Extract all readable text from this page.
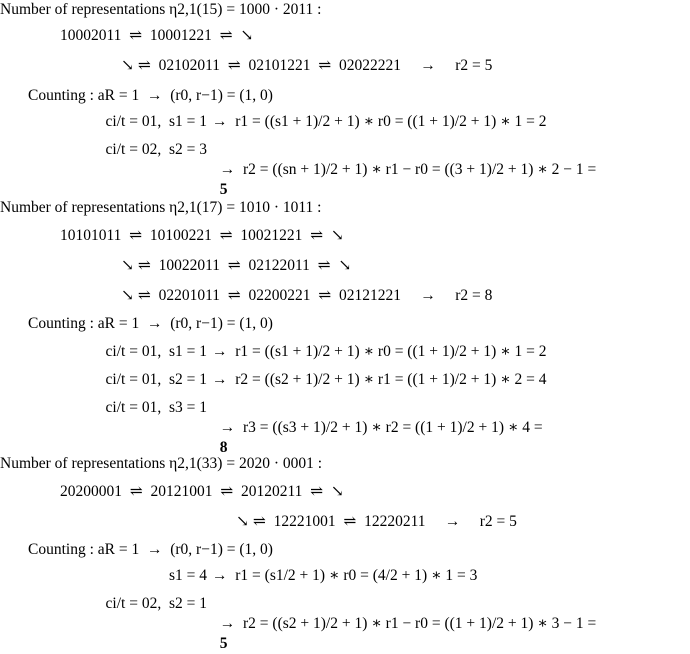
Number of representations η2,1(15) = 1000 · 2011 :
10002011  ⇌  10001221  ⇌  ↘
↘ ⇌  02102011  ⇌  02101221  ⇌  02022221     →     r2 = 5
Counting : aR = 1  →  (r0, r−1) = (1, 0)
ci/t = 01,  s1 = 1 →  r1 = ((s1 + 1)/2 + 1) ∗ r0 = ((1 + 1)/2 + 1) ∗ 1 = 2
ci/t = 02,  s2 = 3

→  r2 = ((sn + 1)/2 + 1) ∗ r1 − r0 = ((3 + 1)/2 + 1) ∗ 2 − 1 =
5

Number of representations η2,1(17) = 1010 · 1011 :
10101011  ⇌  10100221  ⇌  10021221  ⇌  ↘
↘ ⇌  10022011  ⇌  02122011  ⇌  ↘
↘ ⇌  02201011  ⇌  02200221  ⇌  02121221     →     r2 = 8
Counting : aR = 1  →  (r0, r−1) = (1, 0)
ci/t = 01,  s1 = 1 →  r1 = ((s1 + 1)/2 + 1) ∗ r0 = ((1 + 1)/2 + 1) ∗ 1 = 2
ci/t = 01,  s2 = 1 →  r2 = ((s2 + 1)/2 + 1) ∗ r1 = ((1 + 1)/2 + 1) ∗ 2 = 4
ci/t = 01,  s3 = 1

→  r3 = ((s3 + 1)/2 + 1) ∗ r2 = ((1 + 1)/2 + 1) ∗ 4 =
8

Number of representations η2,1(33) = 2020 · 0001 :
20200001  ⇌  20121001  ⇌  20120211  ⇌  ↘
↘ ⇌  12221001  ⇌  12220211     →     r2 = 5
Counting : aR = 1  →  (r0, r−1) = (1, 0)
s1 = 4 →  r1 = (s1/2 + 1) ∗ r0 = (4/2 + 1) ∗ 1 = 3
ci/t = 02,  s2 = 1

→  r2 = ((s2 + 1)/2 + 1) ∗ r1 − r0 = ((1 + 1)/2 + 1) ∗ 3 − 1 =
5
